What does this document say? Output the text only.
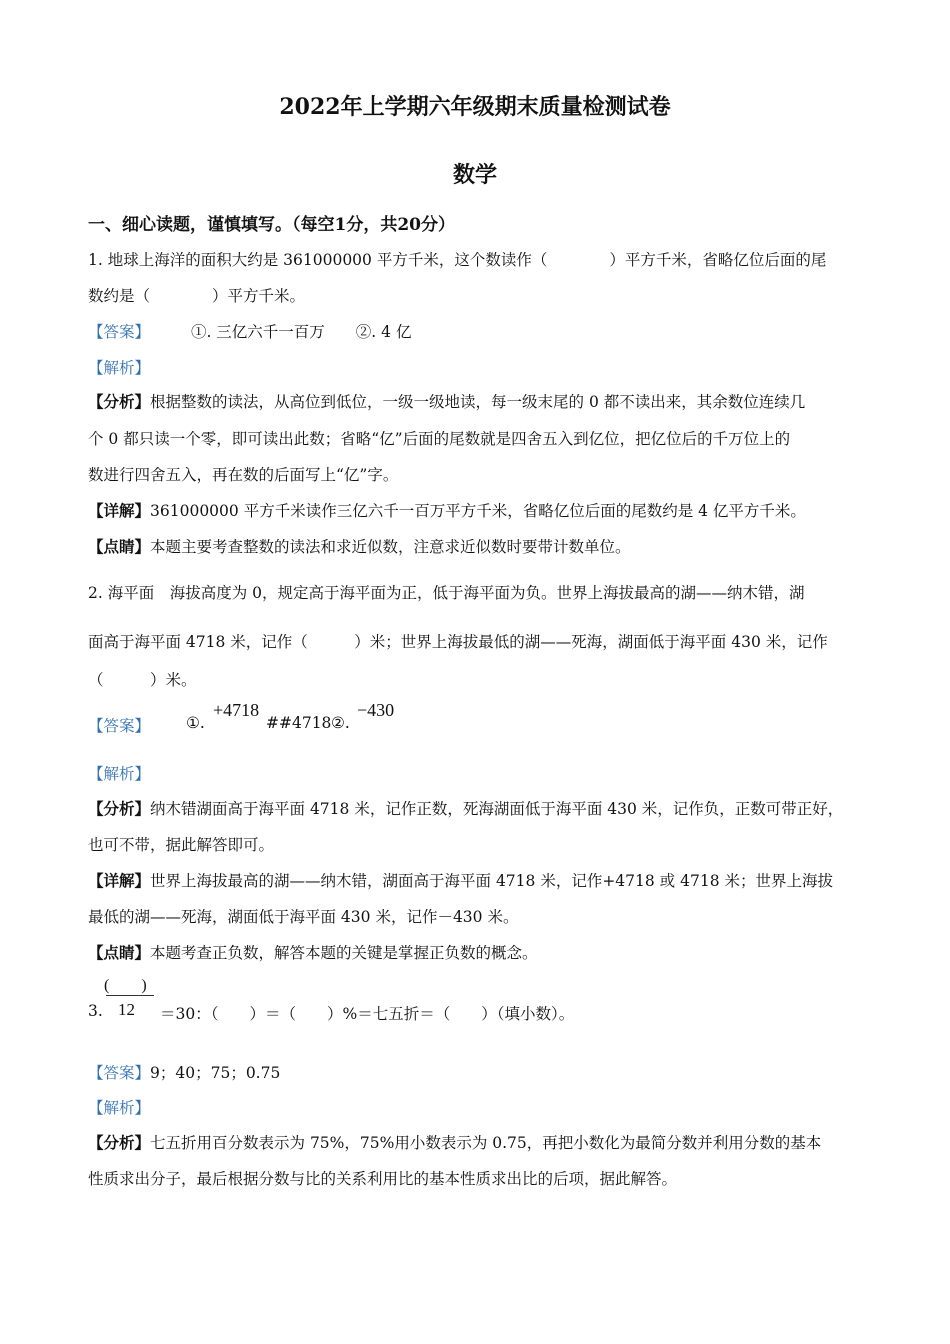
2022年上学期六年级期末质量检测试卷
数学
一、细心读题，谨慎填写。（每空1分，共20分）
1. 地球上海洋的面积大约是 361000000 平方千米，这个数读作（　　　　）平方千米，省略亿位后面的尾
数约是（　　　　）平方千米。
【答案】	①. 三亿六千一百万　　②. 4 亿
【解析】
【分析】根据整数的读法，从高位到低位，一级一级地读，每一级末尾的 0 都不读出来，其余数位连续几
个 0 都只读一个零，即可读出此数；省略“亿”后面的尾数就是四舍五入到亿位，把亿位后的千万位上的
数进行四舍五入，再在数的后面写上“亿”字。
【详解】361000000 平方千米读作三亿六千一百万平方千米，省略亿位后面的尾数约是 4 亿平方千米。
【点睛】本题主要考查整数的读法和求近似数，注意求近似数时要带计数单位。
2. 海平面　海拔高度为 0，规定高于海平面为正，低于海平面为负。世界上海拔最高的湖——纳木错，湖
面高于海平面 4718 米，记作（　　　）米；世界上海拔最低的湖——死海，湖面低于海平面 430 米，记作
（　　　）米。
【答案】 ①.
+4718
##4718 ②.
−430
【解析】
【分析】纳木错湖面高于海平面 4718 米，记作正数，死海湖面低于海平面 430 米，记作负，正数可带正好，
也可不带，据此解答即可。
【详解】世界上海拔最高的湖——纳木错，湖面高于海平面 4718 米，记作+4718 或 4718 米；世界上海拔
最低的湖——死海，湖面低于海平面 430 米，记作－430 米。
【点睛】本题考查正负数，解答本题的关键是掌握正负数的概念。
(　　)
12
3.	＝30：（　　）＝（　　）%＝七五折＝（　　）（填小数）。
【答案】9；40；75；0.75
【解析】
【分析】七五折用百分数表示为 75%，75%用小数表示为 0.75，再把小数化为最简分数并利用分数的基本
性质求出分子，最后根据分数与比的关系利用比的基本性质求出比的后项，据此解答。
